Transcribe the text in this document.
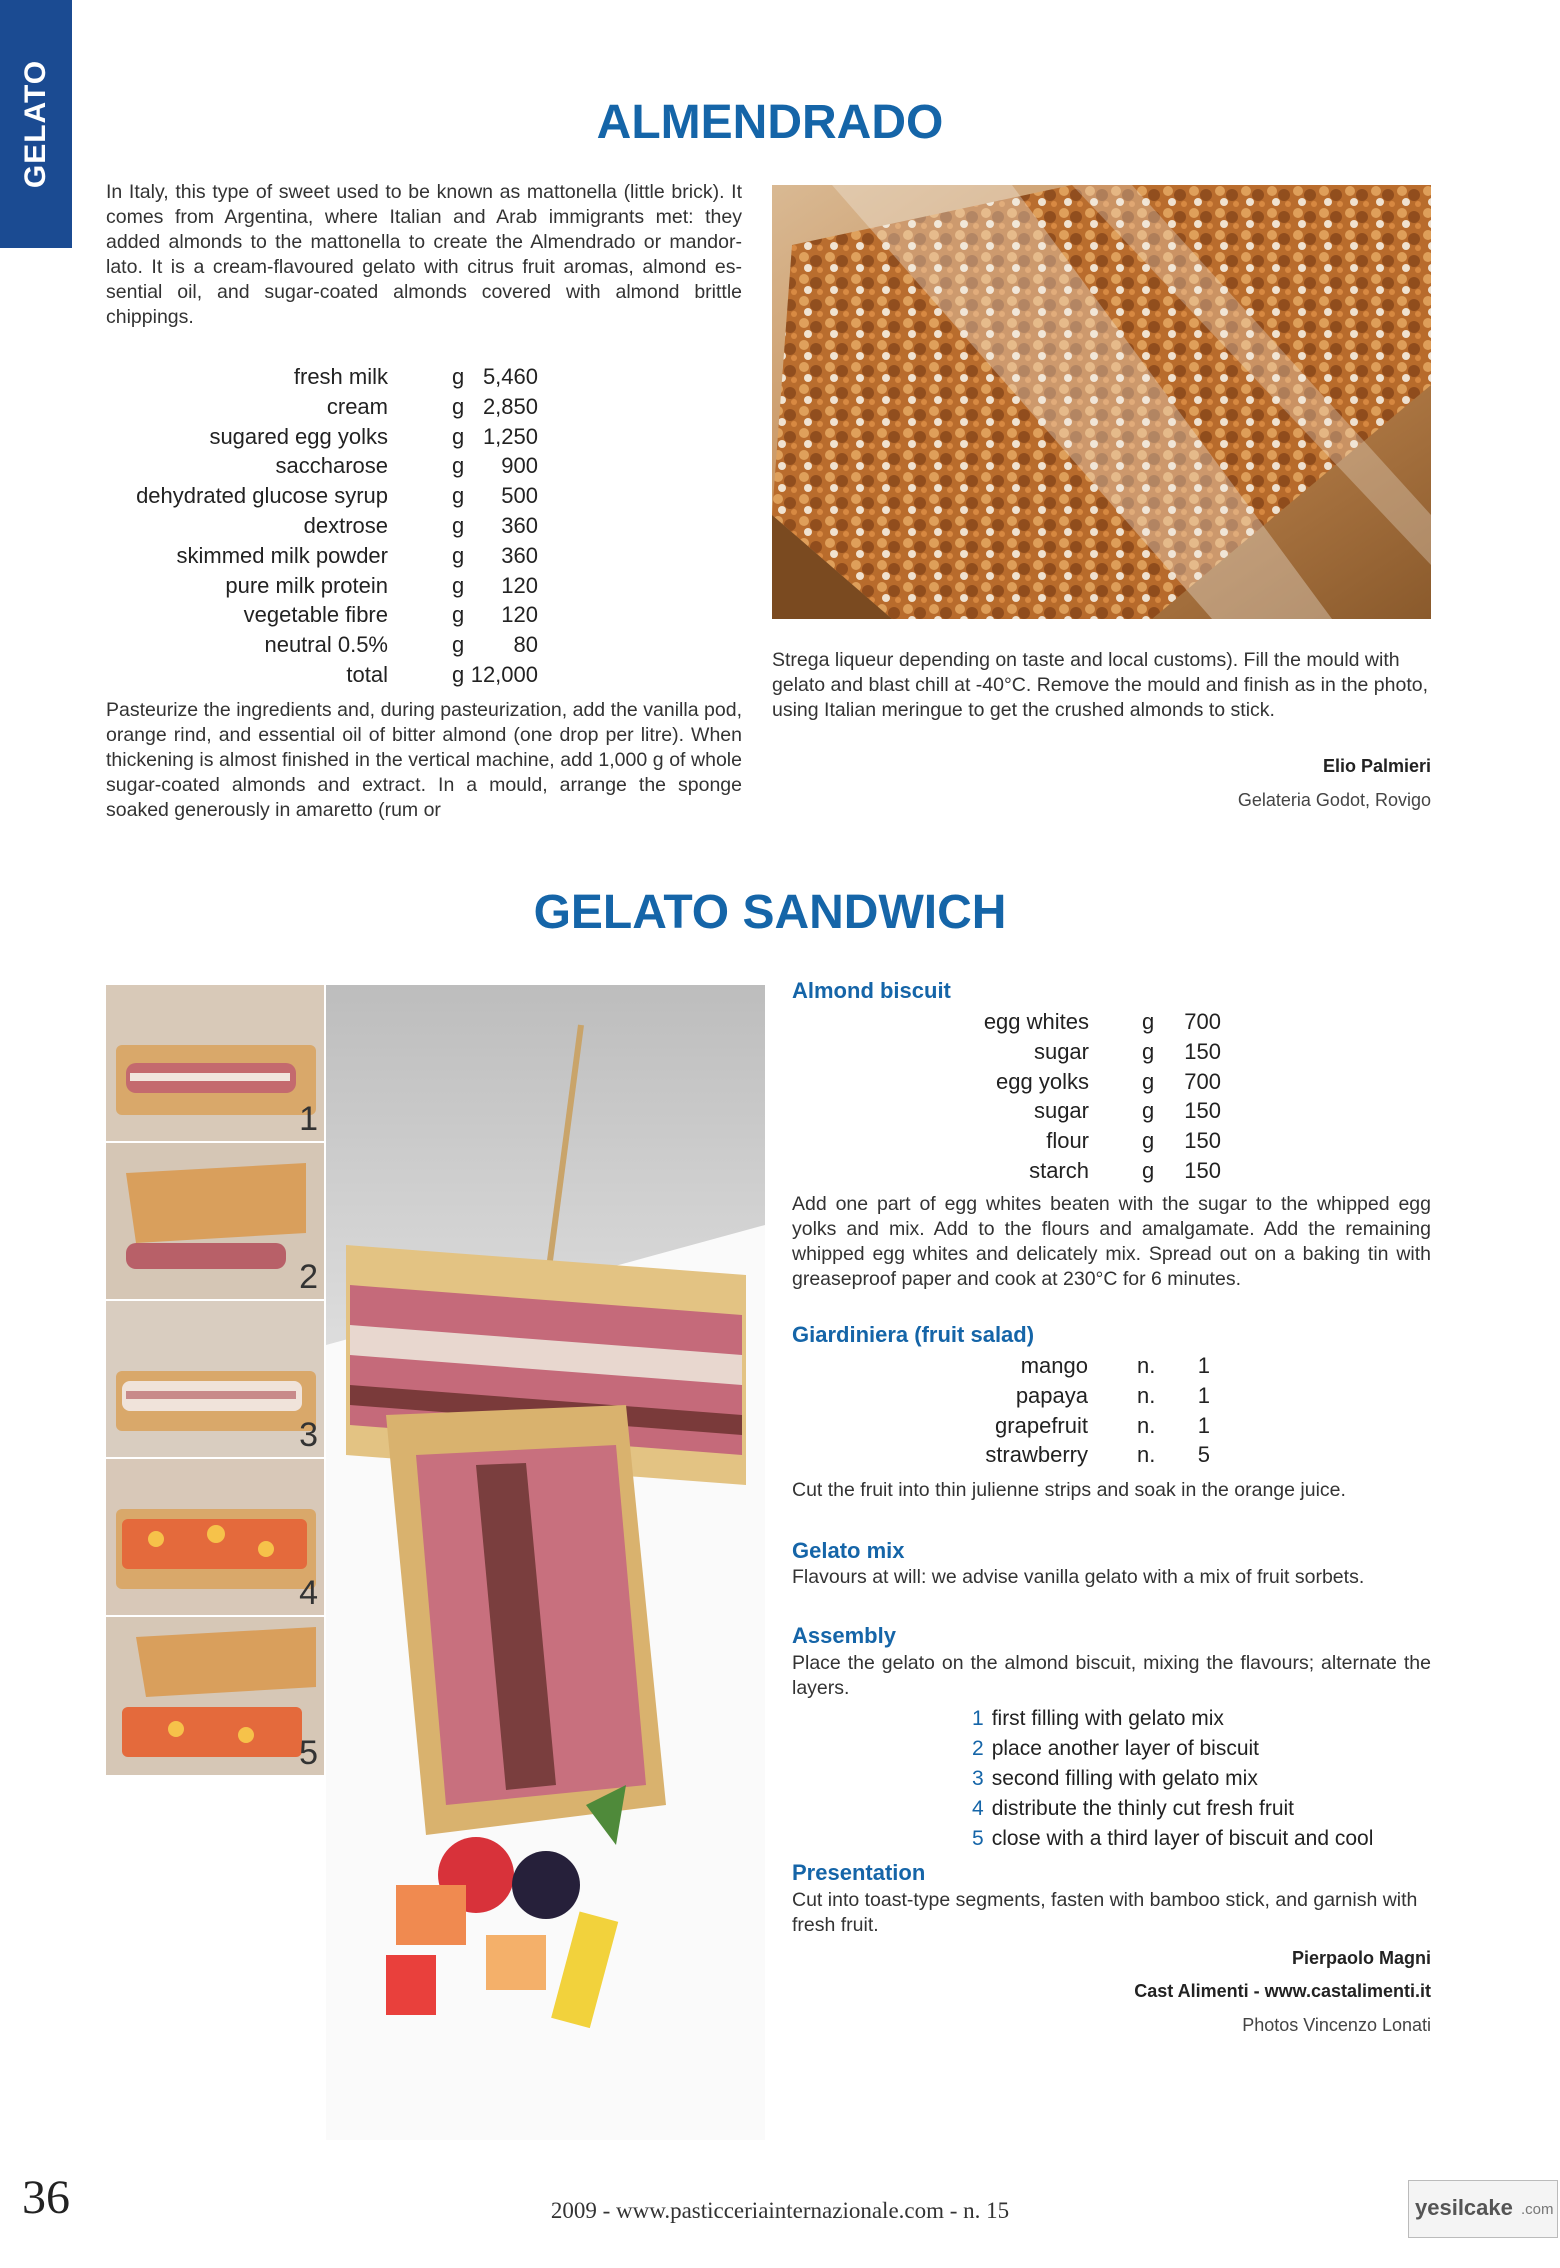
GELATO	ALMENDRADO
In Italy, this type of sweet used to be known as mattonella (little brick). It comes from Argentina, where Italian and Arab immigrants met: they added almonds to the mattonella to create the Almendrado or mandor-lato. It is a cream-flavoured gelato with citrus fruit aromas, almond es-sential oil, and sugar-coated almonds covered with almond brittle chippings.
fresh milk	g 5,460
cream	g 2,850
sugared egg yolks	g 1,250
saccharose	g	900
dehydrated glucose syrup	g	500
dextrose	g	360
skimmed milk powder	g	360
pure milk protein	g	120
vegetable fibre	g	120
neutral 0.5%	g	80
total	g 12,000
Pasteurize the ingredients and, during pasteurization, add the vanilla pod, orange rind, and essential oil of bitter almond (one drop per litre). When thickening is almost finished in the vertical machine, add 1,000 g of whole sugar-coated almonds and extract. In a mould, arrange the sponge soaked generously in amaretto (rum or
Strega liqueur depending on taste and local customs). Fill the mould with gelato and blast chill at -40°C. Remove the mould and finish as in the photo, using Italian meringue to get the crushed almonds to stick.
Elio Palmieri
Gelateria Godot, Rovigo
GELATO SANDWICH
1
2
3
4
5
Almond biscuit
egg whites g	700
sugar g	150
egg yolks g	700
sugar g	150
flour g	150
starch g	150
Add one part of egg whites beaten with the sugar to the whipped egg yolks and mix. Add to the flours and amalgamate. Add the remaining whipped egg whites and delicately mix. Spread out on a baking tin with greaseproof paper and cook at 230°C for 6 minutes.
Giardiniera (fruit salad)
mango n.	1
papaya n.	1
grapefruit n.	1
strawberry n.	5
Cut the fruit into thin julienne strips and soak in the orange juice.
Gelato mix
Flavours at will: we advise vanilla gelato with a mix of fruit sorbets.
Assembly
Place the gelato on the almond biscuit, mixing the flavours; alternate the layers.
1 first filling with gelato mix
2 place another layer of biscuit
3 second filling with gelato mix
4 distribute the thinly cut fresh fruit
5 close with a third layer of biscuit and cool
Presentation
Cut into toast-type segments, fasten with bamboo stick, and garnish with fresh fruit.
Pierpaolo Magni
Cast Alimenti - www.castalimenti.it
Photos Vincenzo Lonati
36	2009 - www.pasticceriainternazionale.com - n. 15	yesilcake .com
